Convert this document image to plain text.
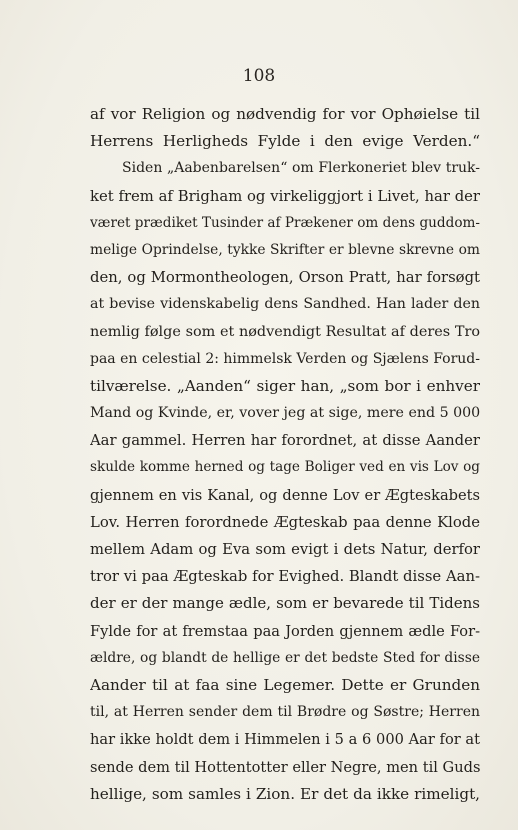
108
af vor Religion og nødvendig for vor Ophøielse til
Herrens Herligheds Fylde i den evige Verden.“
Siden „Aabenbarelsen“ om Flerkoneriet blev truk-
ket frem af Brigham og virkeliggjort i Livet, har der
været prædiket Tusinder af Prækener om dens guddom-
melige Oprindelse, tykke Skrifter er blevne skrevne om
den, og Mormontheologen, Orson Pratt, har forsøgt
at bevise videnskabelig dens Sandhed. Han lader den
nemlig følge som et nødvendigt Resultat af deres Tro
paa en celestial 2: himmelsk Verden og Sjælens Forud-
tilværelse. „Aanden“ siger han, „som bor i enhver
Mand og Kvinde, er, vover jeg at sige, mere end 5 000
Aar gammel. Herren har forordnet, at disse Aander
skulde komme herned og tage Boliger ved en vis Lov og
gjennem en vis Kanal, og denne Lov er Ægteskabets
Lov. Herren forordnede Ægteskab paa denne Klode
mellem Adam og Eva som evigt i dets Natur, derfor
tror vi paa Ægteskab for Evighed. Blandt disse Aan-
der er der mange ædle, som er bevarede til Tidens
Fylde for at fremstaa paa Jorden gjennem ædle For-
ældre, og blandt de hellige er det bedste Sted for disse
Aander til at faa sine Legemer. Dette er Grunden
til, at Herren sender dem til Brødre og Søstre; Herren
har ikke holdt dem i Himmelen i 5 a 6 000 Aar for at
sende dem til Hottentotter eller Negre, men til Guds
hellige, som samles i Zion. Er det da ikke rimeligt,
